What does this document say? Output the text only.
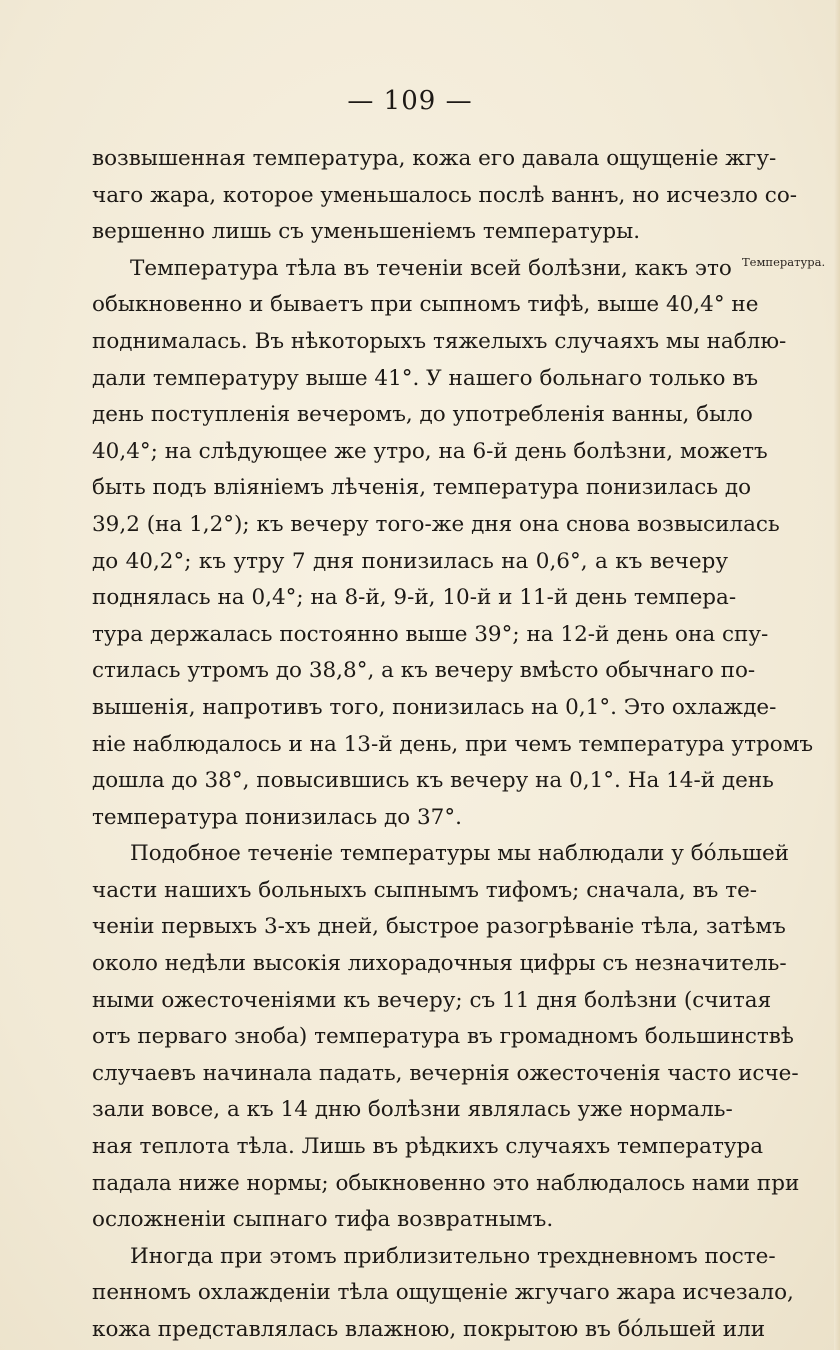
— 109 —
Температура.
возвышенная температура, кожа его давала ощущеніе жгу-
чаго жара, которое уменьшалось послѣ ваннъ, но исчезло со-
вершенно лишь съ уменьшеніемъ температуры.
Температура тѣла въ теченіи всей болѣзни, какъ это
обыкновенно и бываетъ при сыпномъ тифѣ, выше 40,4° не
поднималась. Въ нѣкоторыхъ тяжелыхъ случаяхъ мы наблю-
дали температуру выше 41°. У нашего больнаго только въ
день поступленія вечеромъ, до употребленія ванны, было
40,4°; на слѣдующее же утро, на 6-й день болѣзни, можетъ
быть подъ вліяніемъ лѣченія, температура понизилась до
39,2 (на 1,2°); къ вечеру того-же дня она снова возвысилась
до 40,2°; къ утру 7 дня понизилась на 0,6°, а къ вечеру
поднялась на 0,4°; на 8-й, 9-й, 10-й и 11-й день темпера-
тура держалась постоянно выше 39°; на 12-й день она спу-
стилась утромъ до 38,8°, а къ вечеру вмѣсто обычнаго по-
вышенія, напротивъ того, понизилась на 0,1°. Это охлажде-
ніе наблюдалось и на 13-й день, при чемъ температура утромъ
дошла до 38°, повысившись къ вечеру на 0,1°. На 14-й день
температура понизилась до 37°.
Подобное теченіе температуры мы наблюдали у бо́льшей
части нашихъ больныхъ сыпнымъ тифомъ; сначала, въ те-
ченіи первыхъ 3-хъ дней, быстрое разогрѣваніе тѣла, затѣмъ
около недѣли высокія лихорадочныя цифры съ незначитель-
ными ожесточеніями къ вечеру; съ 11 дня болѣзни (считая
отъ перваго зноба) температура въ громадномъ большинствѣ
случаевъ начинала падать, вечернія ожесточенія часто исче-
зали вовсе, а къ 14 дню болѣзни являлась уже нормаль-
ная теплота тѣла. Лишь въ рѣдкихъ случаяхъ температура
падала ниже нормы; обыкновенно это наблюдалось нами при
осложненіи сыпнаго тифа возвратнымъ.
Иногда при этомъ приблизительно трехдневномъ посте-
пенномъ охлажденіи тѣла ощущеніе жгучаго жара исчезало,
кожа представлялась влажною, покрытою въ бо́льшей или
